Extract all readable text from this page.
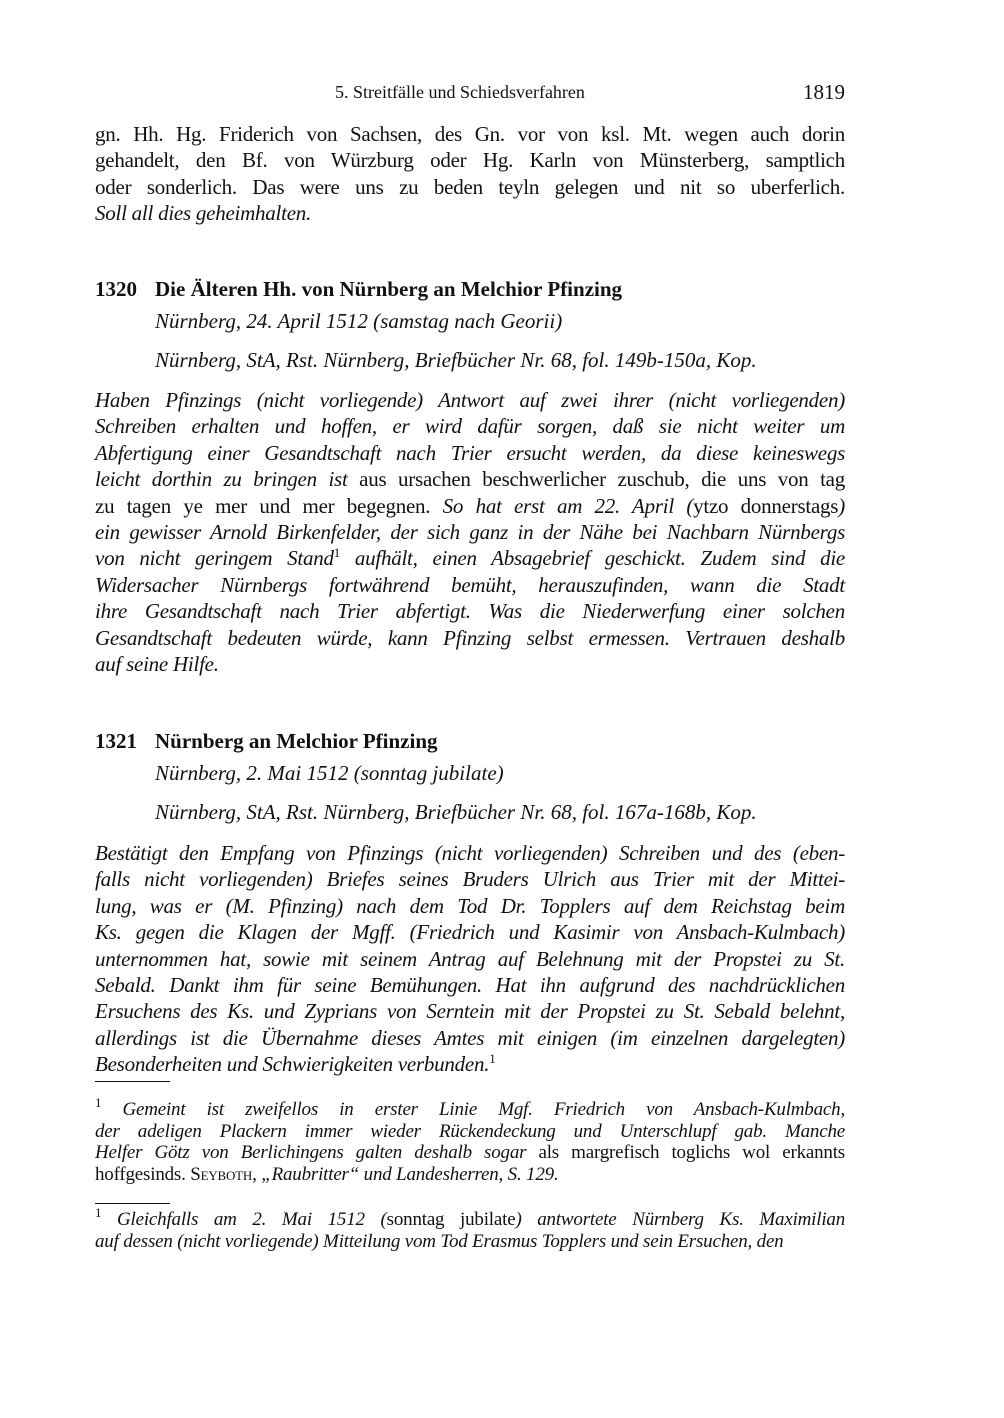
5. Streitfälle und Schiedsverfahren	1819
gn. Hh. Hg. Friderich von Sachsen, des Gn. vor von ksl. Mt. wegen auch dorin
gehandelt, den Bf. von Würzburg oder Hg. Karln von Münsterberg, samptlich
oder sonderlich. Das were uns zu beden teyln gelegen und nit so uberferlich.
Soll all dies geheimhalten.
1320 Die Älteren Hh. von Nürnberg an Melchior Pfinzing
Nürnberg, 24. April 1512 (samstag nach Georii)
Nürnberg, StA, Rst. Nürnberg, Briefbücher Nr. 68, fol. 149b-150a, Kop.
Haben Pfinzings (nicht vorliegende) Antwort auf zwei ihrer (nicht vorliegenden)
Schreiben erhalten und hoffen, er wird dafür sorgen, daß sie nicht weiter um
Abfertigung einer Gesandtschaft nach Trier ersucht werden, da diese keineswegs
leicht dorthin zu bringen ist aus ursachen beschwerlicher zuschub, die uns von tag
zu tagen ye mer und mer begegnen. So hat erst am 22. April (ytzo donnerstags)
ein gewisser Arnold Birkenfelder, der sich ganz in der Nähe bei Nachbarn Nürnbergs
von nicht geringem Stand$^1$ aufhält, einen Absagebrief geschickt. Zudem sind die
Widersacher Nürnbergs fortwährend bemüht, herauszufinden, wann die Stadt
ihre Gesandtschaft nach Trier abfertigt. Was die Niederwerfung einer solchen
Gesandtschaft bedeuten würde, kann Pfinzing selbst ermessen. Vertrauen deshalb
auf seine Hilfe.
1321 Nürnberg an Melchior Pfinzing
Nürnberg, 2. Mai 1512 (sonntag jubilate)
Nürnberg, StA, Rst. Nürnberg, Briefbücher Nr. 68, fol. 167a-168b, Kop.
Bestätigt den Empfang von Pfinzings (nicht vorliegenden) Schreiben und des (eben-
falls nicht vorliegenden) Briefes seines Bruders Ulrich aus Trier mit der Mittei-
lung, was er (M. Pfinzing) nach dem Tod Dr. Topplers auf dem Reichstag beim
Ks. gegen die Klagen der Mgff. (Friedrich und Kasimir von Ansbach-Kulmbach)
unternommen hat, sowie mit seinem Antrag auf Belehnung mit der Propstei zu St.
Sebald. Dankt ihm für seine Bemühungen. Hat ihn aufgrund des nachdrücklichen
Ersuchens des Ks. und Zyprians von Serntein mit der Propstei zu St. Sebald belehnt,
allerdings ist die Übernahme dieses Amtes mit einigen (im einzelnen dargelegten)
Besonderheiten und Schwierigkeiten verbunden.$^1$
$^1$ Gemeint ist zweifellos in erster Linie Mgf. Friedrich von Ansbach-Kulmbach,
der adeligen Plackern immer wieder Rückendeckung und Unterschlupf gab. Manche
Helfer Götz von Berlichingens galten deshalb sogar als margrefisch toglichs wol erkannts
hoffgesinds. Seyboth, „Raubritter“ und Landesherren, S. 129.
$^1$ Gleichfalls am 2. Mai 1512 (sonntag jubilate) antwortete Nürnberg Ks. Maximilian
auf dessen (nicht vorliegende) Mitteilung vom Tod Erasmus Topplers und sein Ersuchen, den
